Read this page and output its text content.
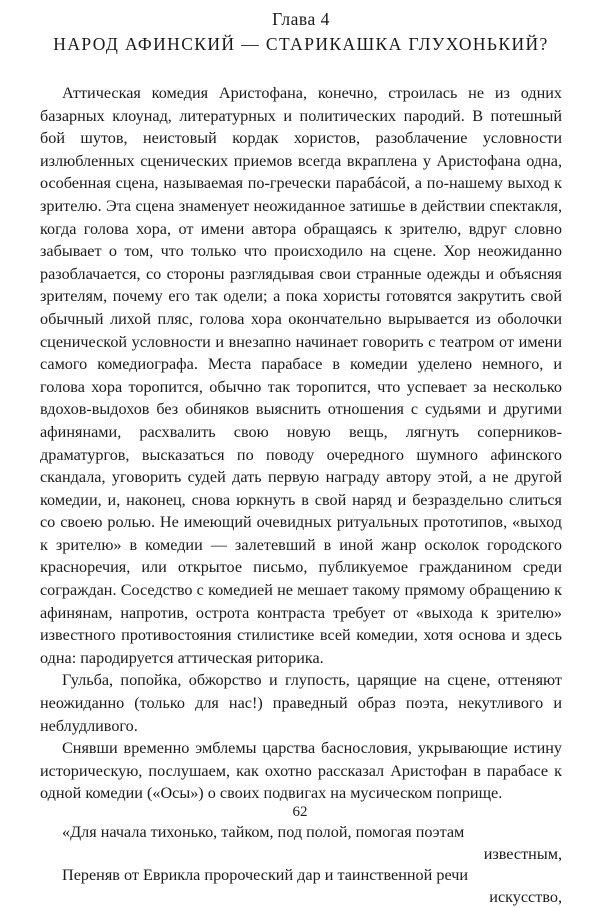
Глава 4
НАРОД АФИНСКИЙ — СТАРИКАШКА ГЛУХОНЬКИЙ?

Аттическая комедия Аристофана, конечно, строилась не из одних базарных клоунад, литературных и политических пародий. В потешный бой шутов, неистовый кордак хористов, разоблачение условности излюбленных сценических приемов всегда вкраплена у Аристофана одна, особенная сцена, называемая по-гречески парабáсой, а по-нашему выход к зрителю. Эта сцена знаменует неожиданное затишье в действии спектакля, когда голова хора, от имени автора обращаясь к зрителю, вдруг словно забывает о том, что только что происходило на сцене. Хор неожиданно разоблачается, со стороны разглядывая свои странные одежды и объясняя зрителям, почему его так одели; а пока хористы готовятся закрутить свой обычный лихой пляс, голова хора окончательно вырывается из оболочки сценической условности и внезапно начинает говорить с театром от имени самого комедиографа. Места парабасе в комедии уделено немного, и голова хора торопится, обычно так торопится, что успевает за несколько вдохов-выдохов без обиняков выяснить отношения с судьями и другими афинянами, расхвалить свою новую вещь, лягнуть соперников-драматургов, высказаться по поводу очередного шумного афинского скандала, уговорить судей дать первую награду автору этой, а не другой комедии, и, наконец, снова юркнуть в свой наряд и безраздельно слиться со своею ролью. Не имеющий очевидных ритуальных прототипов, «выход к зрителю» в комедии — залетевший в иной жанр осколок городского красноречия, или открытое письмо, публикуемое гражданином среди сограждан. Соседство с комедией не мешает такому прямому обращению к афинянам, напротив, острота контраста требует от «выхода к зрителю» известного противостояния стилистике всей комедии, хотя основа и здесь одна: пародируется аттическая риторика.

Гульба, попойка, обжорство и глупость, царящие на сцене, оттеняют неожиданно (только для нас!) праведный образ поэта, некутливого и неблудливого.

Снявши временно эмблемы царства баснословия, укрывающие истину историческую, послушаем, как охотно рассказал Аристофан в парабасе к одной комедии («Осы») о своих подвигах на мусическом поприще.

«Для начала тихонько, тайком, под полой, помогая поэтам
известным,
Переняв от Еврикла пророческий дар и таинственной речи
искусство,
62
